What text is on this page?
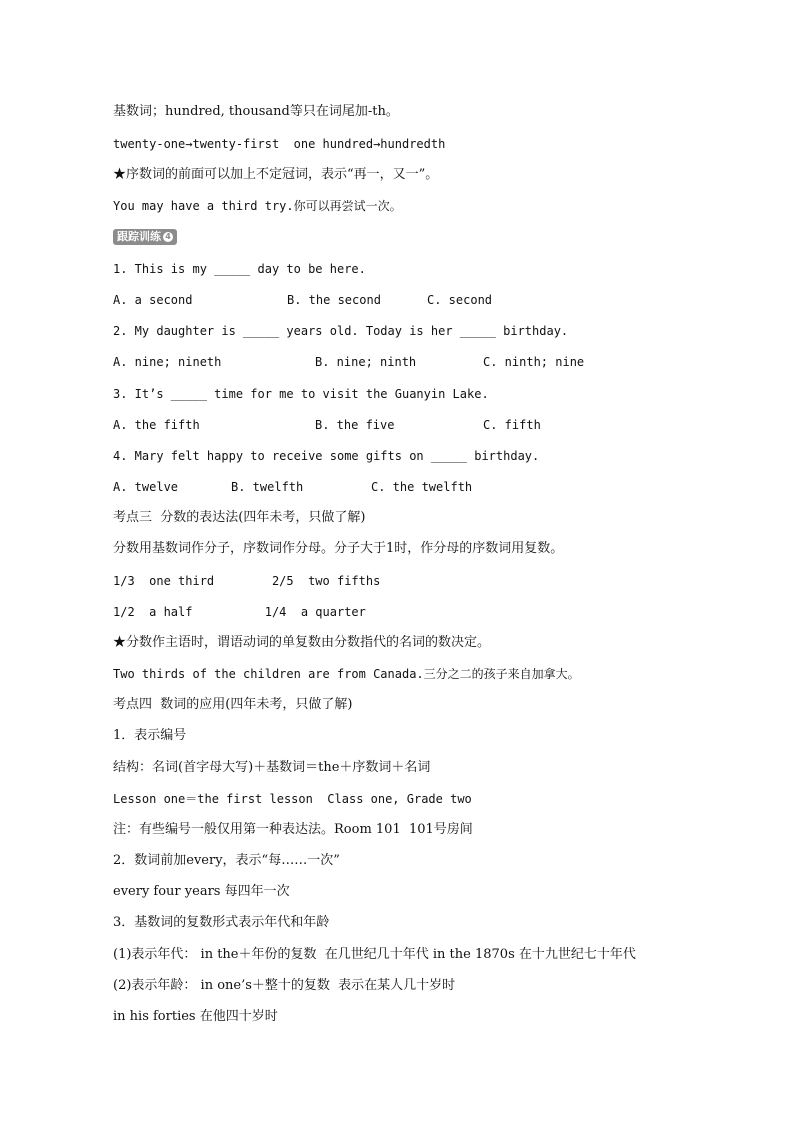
基数词；hundred, thousand等只在词尾加-th。
twenty-one→twenty-first  one hundred→hundredth
★序数词的前面可以加上不定冠词，表示“再一，又一”。
You may have a third try.你可以再尝试一次。
跟踪训练 4
1. This is my _____ day to be here.
A. a second	B. the second	C. second
2. My daughter is _____ years old. Today is her _____ birthday.
A. nine; nineth	B. nine; ninth	C. ninth; nine
3. It’s _____ time for me to visit the Guanyin Lake.
A. the fifth	B. the five	C. fifth
4. Mary felt happy to receive some gifts on _____ birthday.
A. twelve	B. twelfth	C. the twelfth
考点三  分数的表达法(四年未考，只做了解)
分数用基数词作分子，序数词作分母。分子大于1时，作分母的序数词用复数。
1/3  one third        2/5  two fifths
1/2  a half          1/4  a quarter
★分数作主语时，谓语动词的单复数由分数指代的名词的数决定。
Two thirds of the children are from Canada.三分之二的孩子来自加拿大。
考点四  数词的应用(四年未考，只做了解)
1．表示编号
结构：名词(首字母大写)＋基数词＝the＋序数词＋名词
Lesson one＝the first lesson  Class one, Grade two
注：有些编号一般仅用第一种表达法。Room 101  101号房间
2．数词前加every，表示“每……一次”
every four years 每四年一次
3．基数词的复数形式表示年代和年龄
(1)表示年代： in the＋年份的复数  在几世纪几十年代 in the 1870s 在十九世纪七十年代
(2)表示年龄： in one’s＋整十的复数  表示在某人几十岁时
in his forties 在他四十岁时
